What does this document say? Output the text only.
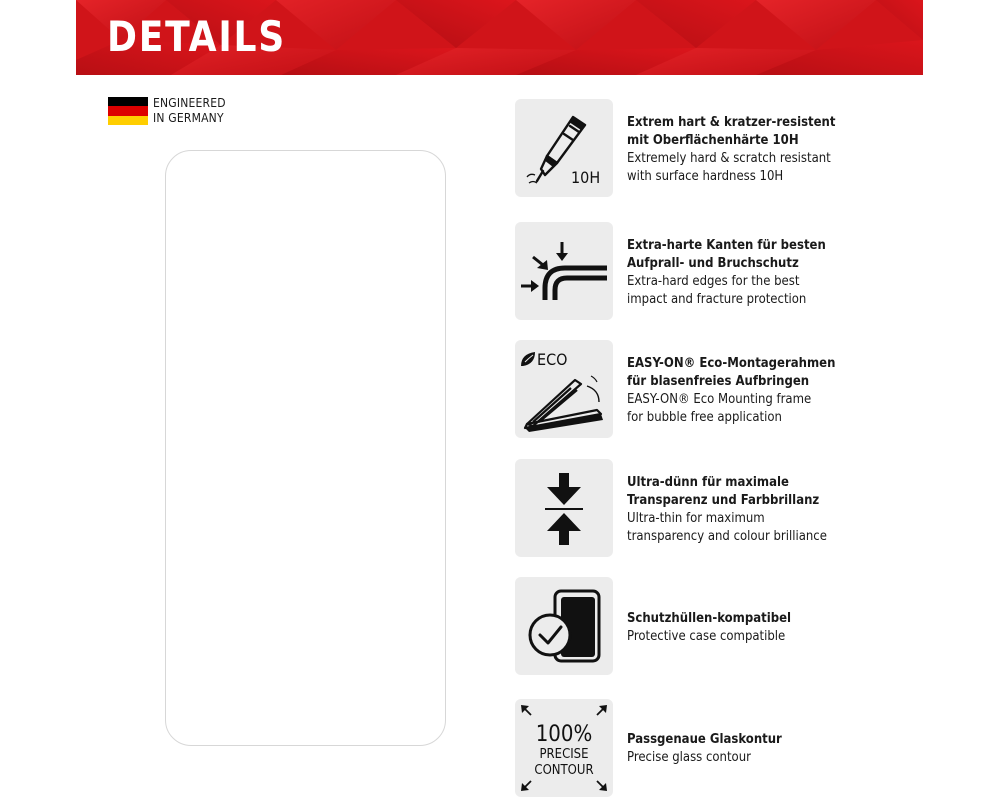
DETAILS
ENGINEERED
IN GERMANY
10H
Extrem hart & kratzer-resistent
mit Oberflächenhärte 10H
Extremely hard & scratch resistant
with surface hardness 10H
Extra-harte Kanten für besten
Aufprall- und Bruchschutz
Extra-hard edges for the best
impact and fracture protection
ECO	EASY-ON® Eco-Montagerahmen
für blasenfreies Aufbringen
EASY-ON® Eco Mounting frame
for bubble free application
Ultra-dünn für maximale
Transparenz und Farbbrillanz
Ultra-thin for maximum
transparency and colour brilliance
Schutzhüllen-kompatibel
Protective case compatible
100%
PRECISE
CONTOUR
Passgenaue Glaskontur
Precise glass contour
